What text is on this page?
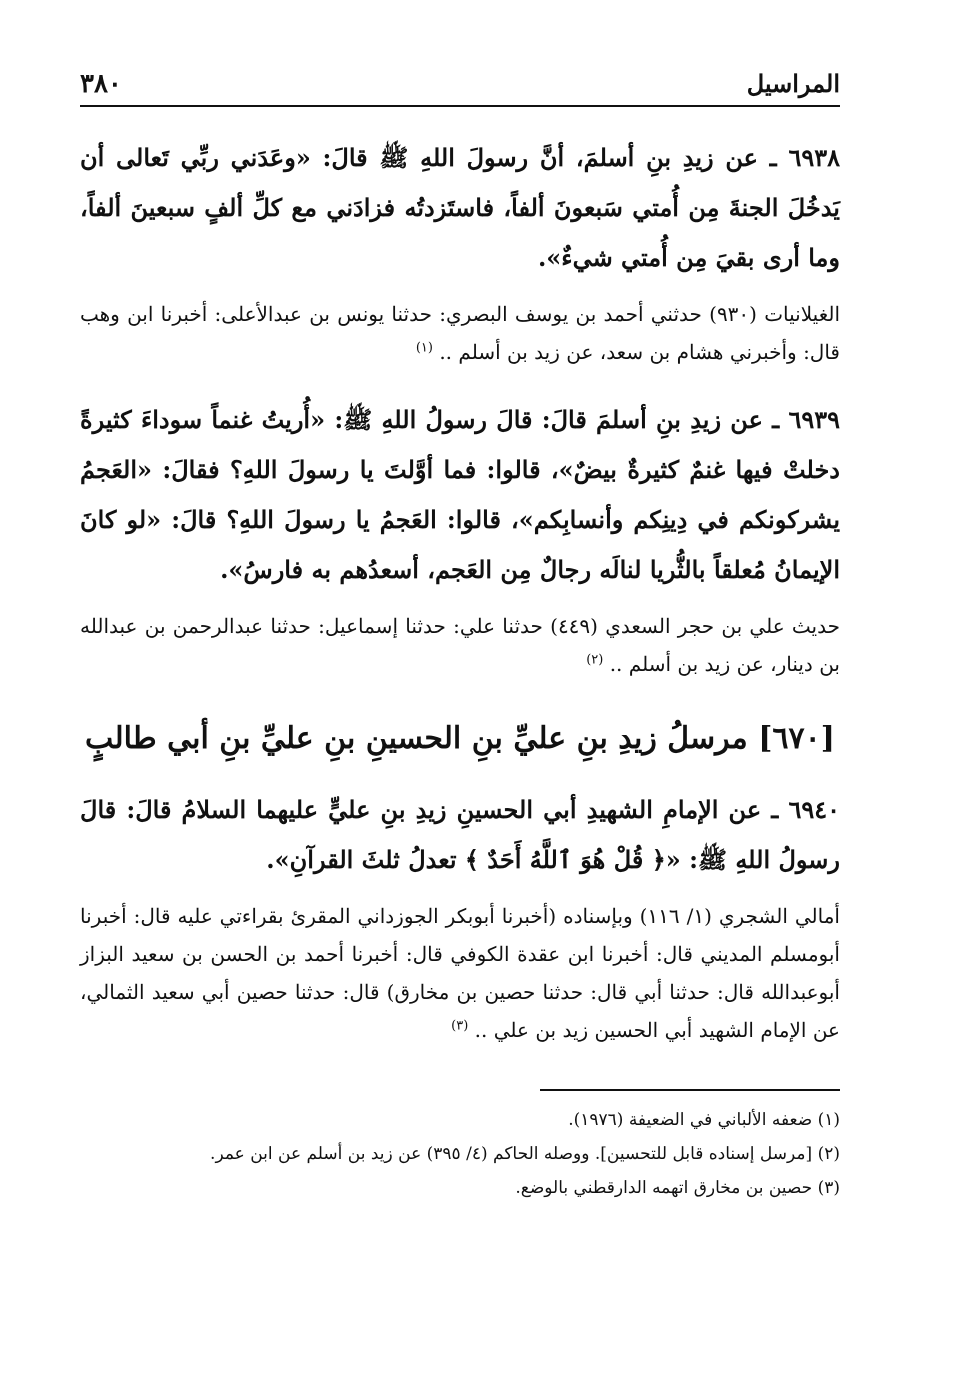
المراسيل
٣٨٠

٦٩٣٨ ـ عن زيدِ بنِ أسلمَ، أنَّ رسولَ اللهِ ﷺ قالَ: «وعَدَني ربِّي تَعالى أن يَدخُلَ الجنةَ مِن أُمتي سَبعونَ ألفاً، فاستَزدتُه فزادَني مع كلِّ ألفٍ سبعينَ ألفاً، وما أرى بقيَ مِن أُمتي شيءٌ».

الغيلانيات (٩٣٠) حدثني أحمد بن يوسف البصري: حدثنا يونس بن عبدالأعلى: أخبرنا ابن وهب قال: وأخبرني هشام بن سعد، عن زيد بن أسلم .. $^{(١)}$

٦٩٣٩ ـ عن زيدِ بنِ أسلمَ قالَ: قالَ رسولُ اللهِ ﷺ: «أُريتُ غنماً سوداءَ كثيرةً دخلتْ فيها غنمٌ كثيرةٌ بيضٌ»، قالوا: فما أوَّلتَ يا رسولَ اللهِ؟ فقالَ: «العَجمُ يشركونكم في دِينِكم وأنسابِكم»، قالوا: العَجمُ يا رسولَ اللهِ؟ قالَ: «لو كانَ الإيمانُ مُعلقاً بالثُّريا لنالَه رجالٌ مِن العَجم، أسعدُهم به فارسُ».

حديث علي بن حجر السعدي (٤٤٩) حدثنا علي: حدثنا إسماعيل: حدثنا عبدالرحمن بن عبدالله بن دينار، عن زيد بن أسلم .. $^{(٢)}$

[٦٧٠] مرسلُ زيدِ بنِ عليِّ بنِ الحسينِ بنِ عليِّ بنِ أبي طالبٍ

٦٩٤٠ ـ عن الإمامِ الشهيدِ أبي الحسينِ زيدِ بنِ عليٍّ عليهما السلامُ قالَ: قالَ رسولُ اللهِ ﷺ: «﴿ قُلْ هُوَ ٱللَّهُ أَحَدٌ ﴾ تعدلُ ثلثَ القرآنِ».

أمالي الشجري (١/ ١١٦) وبإسناده (أخبرنا أبوبكر الجوزداني المقرئ بقراءتي عليه قال: أخبرنا أبومسلم المديني قال: أخبرنا ابن عقدة الكوفي قال: أخبرنا أحمد بن الحسن بن سعيد البزاز أبوعبدالله قال: حدثنا أبي قال: حدثنا حصين بن مخارق) قال: حدثنا حصين أبي سعيد الثمالي، عن الإمام الشهيد أبي الحسين زيد بن علي .. $^{(٣)}$

(١) ضعفه الألباني في الضعيفة (١٩٧٦).
(٢) [مرسل إسناده قابل للتحسين]. ووصله الحاكم (٤/ ٣٩٥) عن زيد بن أسلم عن ابن عمر.
(٣) حصين بن مخارق اتهمه الدارقطني بالوضع.
